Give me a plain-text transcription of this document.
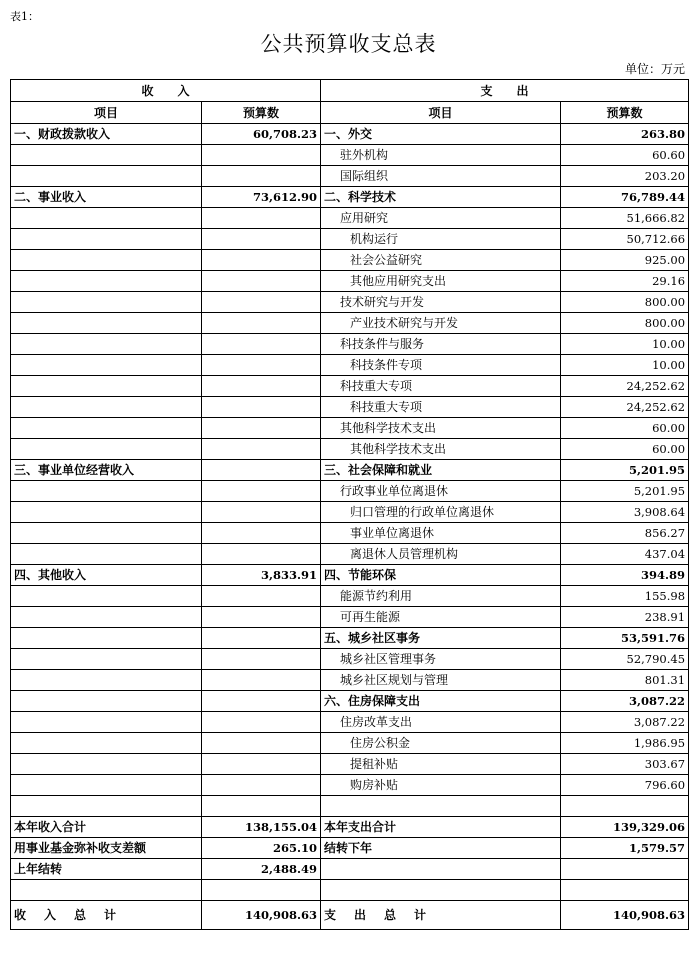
表1：
公共预算收支总表
单位：万元
收　　入		支　　出	
项目	预算数	项目	预算数
一、财政拨款收入	60,708.23	一、外交	263.80
		驻外机构	60.60
		国际组织	203.20
二、事业收入	73,612.90	二、科学技术	76,789.44
		应用研究	51,666.82
		机构运行	50,712.66
		社会公益研究	925.00
		其他应用研究支出	29.16
		技术研究与开发	800.00
		产业技术研究与开发	800.00
		科技条件与服务	10.00
		科技条件专项	10.00
		科技重大专项	24,252.62
		科技重大专项	24,252.62
		其他科学技术支出	60.00
		其他科学技术支出	60.00
三、事业单位经营收入		三、社会保障和就业	5,201.95
		行政事业单位离退休	5,201.95
		归口管理的行政单位离退休	3,908.64
		事业单位离退休	856.27
		离退休人员管理机构	437.04
四、其他收入	3,833.91	四、节能环保	394.89
		能源节约利用	155.98
		可再生能源	238.91
		五、城乡社区事务	53,591.76
		城乡社区管理事务	52,790.45
		城乡社区规划与管理	801.31
		六、住房保障支出	3,087.22
		住房改革支出	3,087.22
		住房公积金	1,986.95
		提租补贴	303.67
		购房补贴	796.60

本年收入合计	138,155.04	本年支出合计	139,329.06
用事业基金弥补收支差额	265.10	结转下年	1,579.57
上年结转	2,488.49		

收入总计	140,908.63	支出总计	140,908.63
